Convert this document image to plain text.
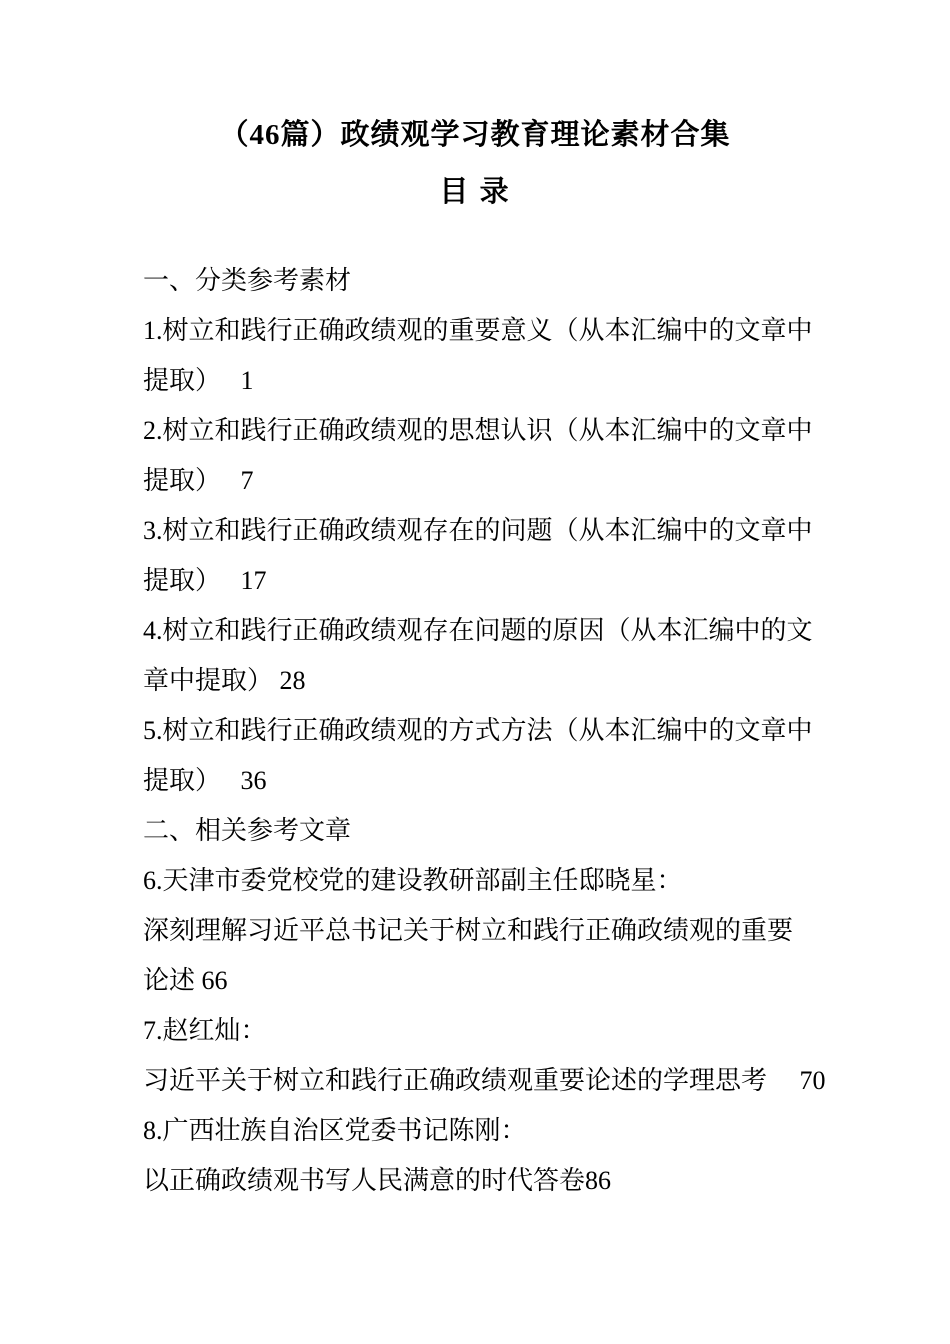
（46篇）政绩观学习教育理论素材合集
目 录
一、分类参考素材
1.树立和践行正确政绩观的重要意义（从本汇编中的文章中
提取）　 1
2.树立和践行正确政绩观的思想认识（从本汇编中的文章中
提取）　 7
3.树立和践行正确政绩观存在的问题（从本汇编中的文章中
提取）　 17
4.树立和践行正确政绩观存在问题的原因（从本汇编中的文
章中提取） 28
5.树立和践行正确政绩观的方式方法（从本汇编中的文章中
提取）　 36
二、相关参考文章
6.天津市委党校党的建设教研部副主任邸晓星：
深刻理解习近平总书记关于树立和践行正确政绩观的重要
论述 66
7.赵红灿：
习近平关于树立和践行正确政绩观重要论述的学理思考　 70
8.广西壮族自治区党委书记陈刚：
以正确政绩观书写人民满意的时代答卷86
